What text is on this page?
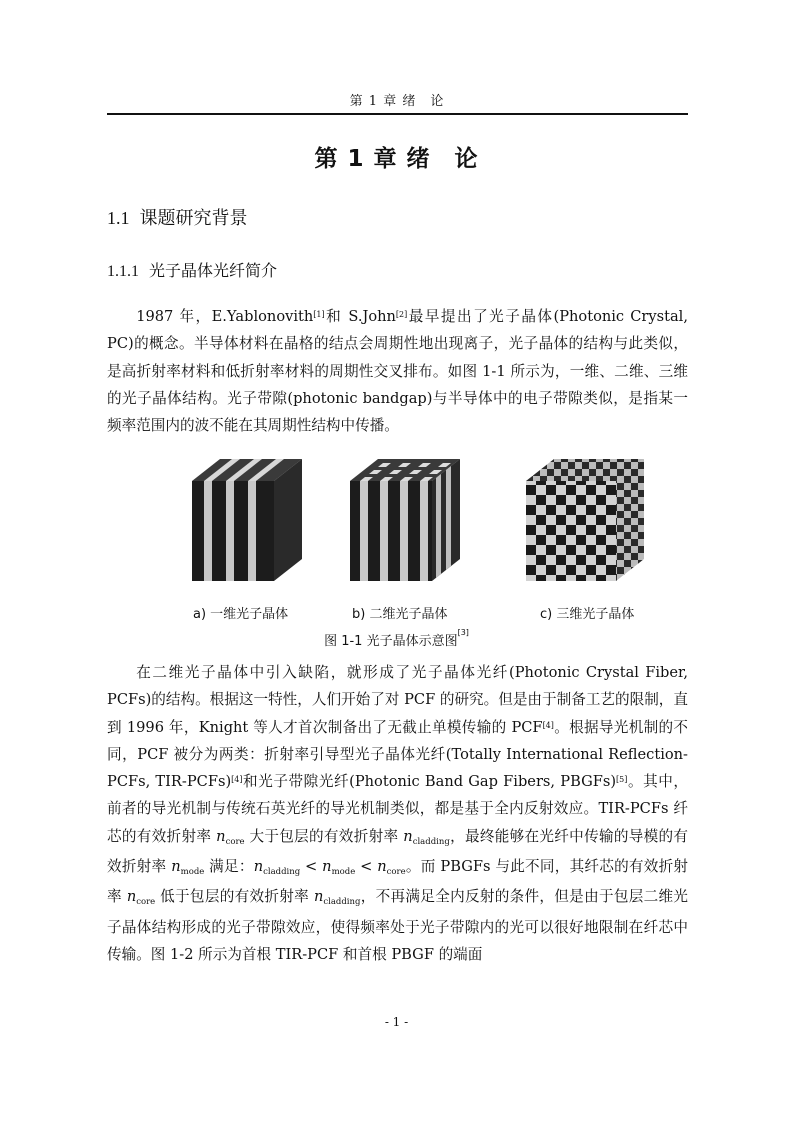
第 1 章 绪　论
第 1 章 绪　论
1.1 课题研究背景
1.1.1 光子晶体光纤简介

1987 年，E.Yablonovith[1]和 S.John[2]最早提出了光子晶体(Photonic Crystal, PC)的概念。半导体材料在晶格的结点会周期性地出现离子，光子晶体的结构与此类似，是高折射率材料和低折射率材料的周期性交叉排布。如图 1-1 所示为，一维、二维、三维的光子晶体结构。光子带隙(photonic bandgap)与半导体中的电子带隙类似，是指某一频率范围内的波不能在其周期性结构中传播。

a) 一维光子晶体	b) 二维光子晶体	c) 三维光子晶体
图 1-1 光子晶体示意图[3]

在二维光子晶体中引入缺陷，就形成了光子晶体光纤(Photonic Crystal Fiber, PCFs)的结构。根据这一特性，人们开始了对 PCF 的研究。但是由于制备工艺的限制，直到 1996 年，Knight 等人才首次制备出了无截止单模传输的 PCF[4]。根据导光机制的不同，PCF 被分为两类：折射率引导型光子晶体光纤(Totally International Reflection-PCFs, TIR-PCFs)[4]和光子带隙光纤(Photonic Band Gap Fibers, PBGFs)[5]。其中，前者的导光机制与传统石英光纤的导光机制类似，都是基于全内反射效应。TIR-PCFs 纤芯的有效折射率 $n_{core}$ 大于包层的有效折射率 $n_{cladding}$，最终能够在光纤中传输的导模的有效折射率 $n_{mode}$ 满足：$n_{cladding} < n_{mode} < n_{core}$。而 PBGFs 与此不同，其纤芯的有效折射率 $n_{core}$ 低于包层的有效折射率 $n_{cladding}$，不再满足全内反射的条件，但是由于包层二维光子晶体结构形成的光子带隙效应，使得频率处于光子带隙内的光可以很好地限制在纤芯中传输。图 1-2 所示为首根 TIR-PCF 和首根 PBGF 的端面

- 1 -
